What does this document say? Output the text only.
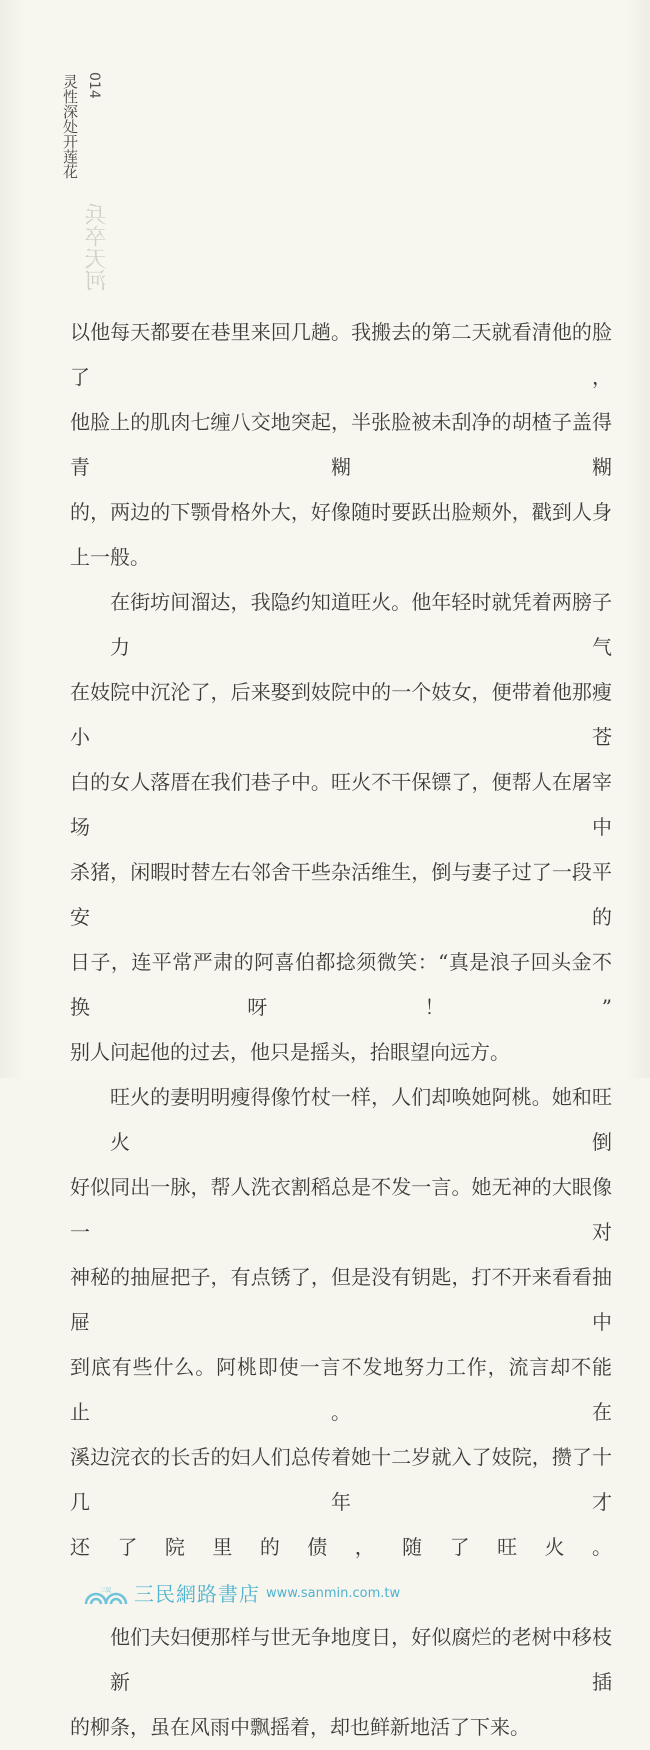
灵性深处开莲花 014
兵卒天河
以他每天都要在巷里来回几趟。我搬去的第二天就看清他的脸了，
他脸上的肌肉七缠八交地突起，半张脸被未刮净的胡楂子盖得青糊糊
的，两边的下颚骨格外大，好像随时要跃出脸颊外，戳到人身上一般。
在街坊间溜达，我隐约知道旺火。他年轻时就凭着两膀子力气
在妓院中沉沦了，后来娶到妓院中的一个妓女，便带着他那瘦小苍
白的女人落厝在我们巷子中。旺火不干保镖了，便帮人在屠宰场中
杀猪，闲暇时替左右邻舍干些杂活维生，倒与妻子过了一段平安的
日子，连平常严肃的阿喜伯都捻须微笑：“真是浪子回头金不换呀！”
别人问起他的过去，他只是摇头，抬眼望向远方。
旺火的妻明明瘦得像竹杖一样，人们却唤她阿桃。她和旺火倒
好似同出一脉，帮人洗衣割稻总是不发一言。她无神的大眼像一对
神秘的抽屉把子，有点锈了，但是没有钥匙，打不开来看看抽屉中
到底有些什么。阿桃即使一言不发地努力工作，流言却不能止。在
溪边浣衣的长舌的妇人们总传着她十二岁就入了妓院，攒了十几年才
还了院里的债，随了旺火。
三民 三民網路書店 www.sanmin.com.tw
他们夫妇便那样与世无争地度日，好似腐烂的老树中移枝新插
的柳条，虽在风雨中飘摇着，却也鲜新地活了下来。
